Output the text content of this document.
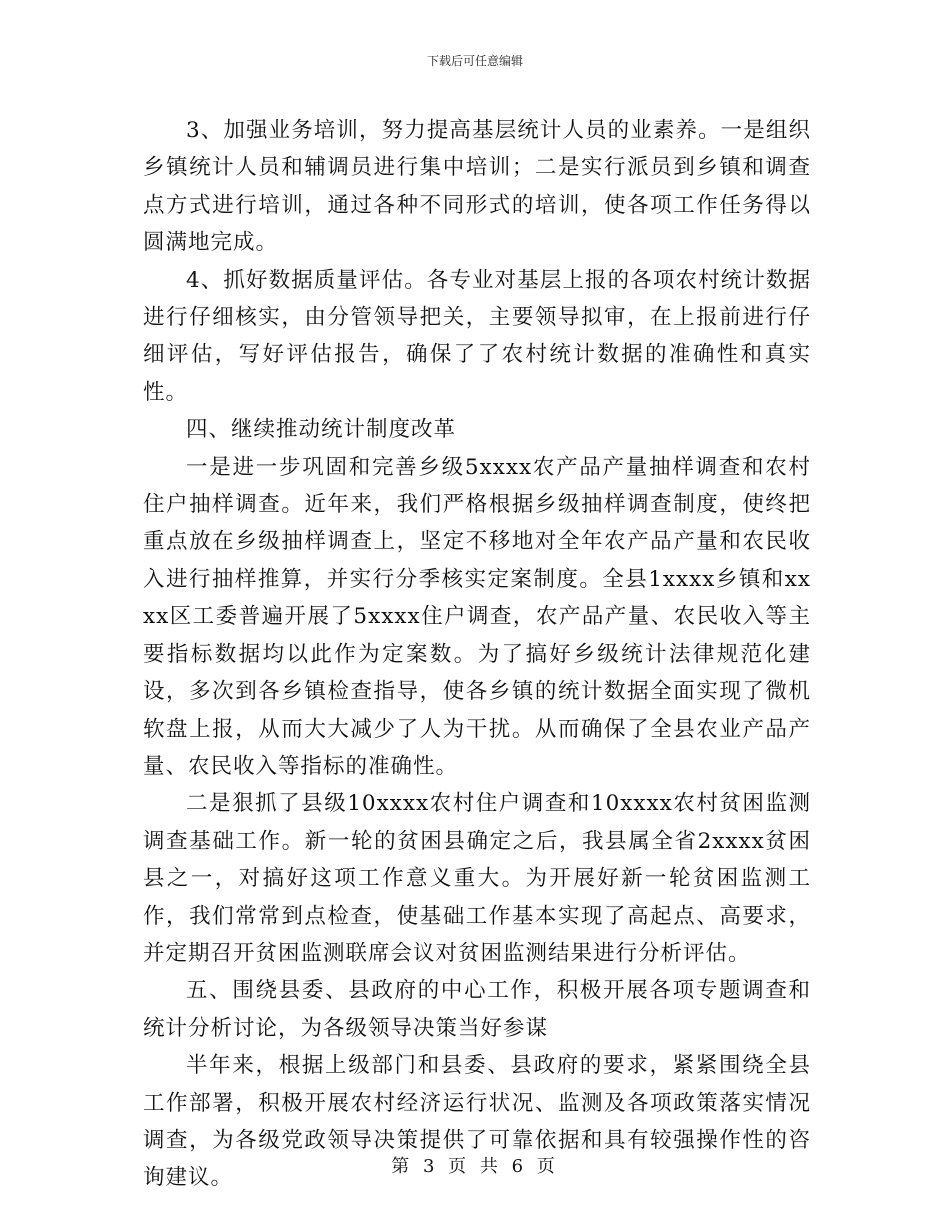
下载后可任意编辑

3、加强业务培训，努力提高基层统计人员的业素养。一是组织乡镇统计人员和辅调员进行集中培训；二是实行派员到乡镇和调查点方式进行培训，通过各种不同形式的培训，使各项工作任务得以圆满地完成。

4、抓好数据质量评估。各专业对基层上报的各项农村统计数据进行仔细核实，由分管领导把关，主要领导拟审，在上报前进行仔细评估，写好评估报告，确保了了农村统计数据的准确性和真实性。

四、继续推动统计制度改革

一是进一步巩固和完善乡级5xxxx农产品产量抽样调查和农村住户抽样调查。近年来，我们严格根据乡级抽样调查制度，使终把重点放在乡级抽样调查上，坚定不移地对全年农产品产量和农民收入进行抽样推算，并实行分季核实定案制度。全县1xxxx乡镇和xxxx区工委普遍开展了5xxxx住户调查，农产品产量、农民收入等主要指标数据均以此作为定案数。为了搞好乡级统计法律规范化建设，多次到各乡镇检查指导，使各乡镇的统计数据全面实现了微机软盘上报，从而大大减少了人为干扰。从而确保了全县农业产品产量、农民收入等指标的准确性。

二是狠抓了县级10xxxx农村住户调查和10xxxx农村贫困监测调查基础工作。新一轮的贫困县确定之后，我县属全省2xxxx贫困县之一，对搞好这项工作意义重大。为开展好新一轮贫困监测工作，我们常常到点检查，使基础工作基本实现了高起点、高要求，并定期召开贫困监测联席会议对贫困监测结果进行分析评估。

五、围绕县委、县政府的中心工作，积极开展各项专题调查和统计分析讨论，为各级领导决策当好参谋

半年来，根据上级部门和县委、县政府的要求，紧紧围绕全县工作部署，积极开展农村经济运行状况、监测及各项政策落实情况调查，为各级党政领导决策提供了可靠依据和具有较强操作性的咨询建议。	第 3 页 共 6 页
